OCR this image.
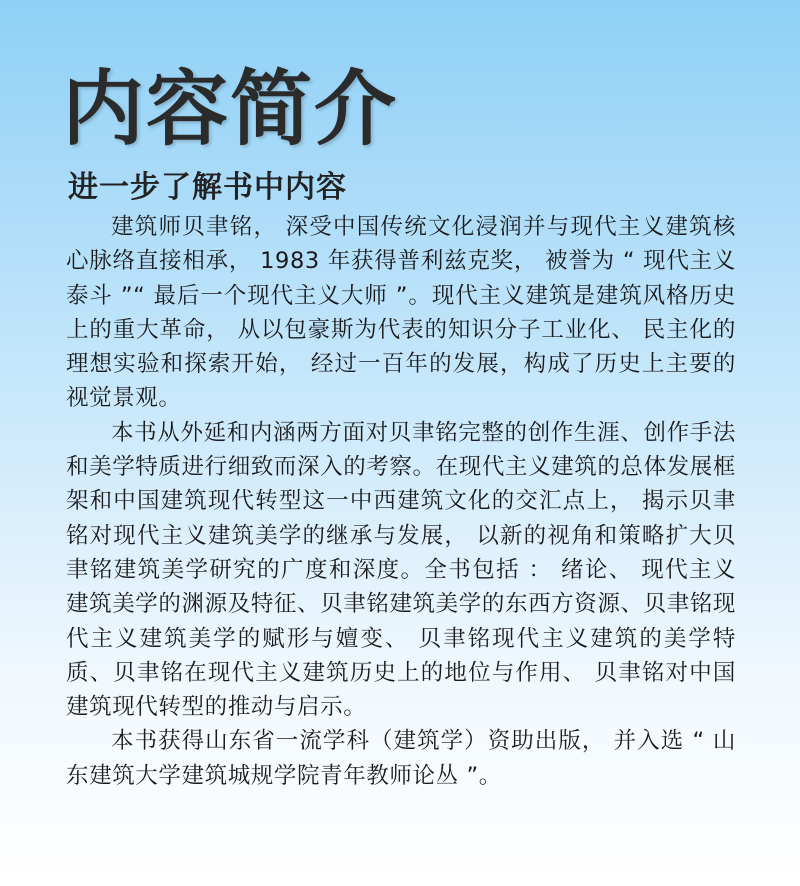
内容简介
进一步了解书中内容

建筑师贝聿铭， 深受中国传统文化浸润并与现代主义建筑核心脉络直接相承， 1983 年获得普利兹克奖， 被誉为 “ 现代主义泰斗 ”“ 最后一个现代主义大师 ”。现代主义建筑是建筑风格历史上的重大革命， 从以包豪斯为代表的知识分子工业化、 民主化的理想实验和探索开始， 经过一百年的发展，构成了历史上主要的视觉景观。

本书从外延和内涵两方面对贝聿铭完整的创作生涯、创作手法和美学特质进行细致而深入的考察。在现代主义建筑的总体发展框架和中国建筑现代转型这一中西建筑文化的交汇点上， 揭示贝聿铭对现代主义建筑美学的继承与发展， 以新的视角和策略扩大贝聿铭建筑美学研究的广度和深度。全书包括 ： 绪论、 现代主义建筑美学的渊源及特征、贝聿铭建筑美学的东西方资源、贝聿铭现代主义建筑美学的赋形与嬗变、 贝聿铭现代主义建筑的美学特质、贝聿铭在现代主义建筑历史上的地位与作用、 贝聿铭对中国建筑现代转型的推动与启示。

本书获得山东省一流学科（建筑学）资助出版， 并入选 “ 山东建筑大学建筑城规学院青年教师论丛 ”。
